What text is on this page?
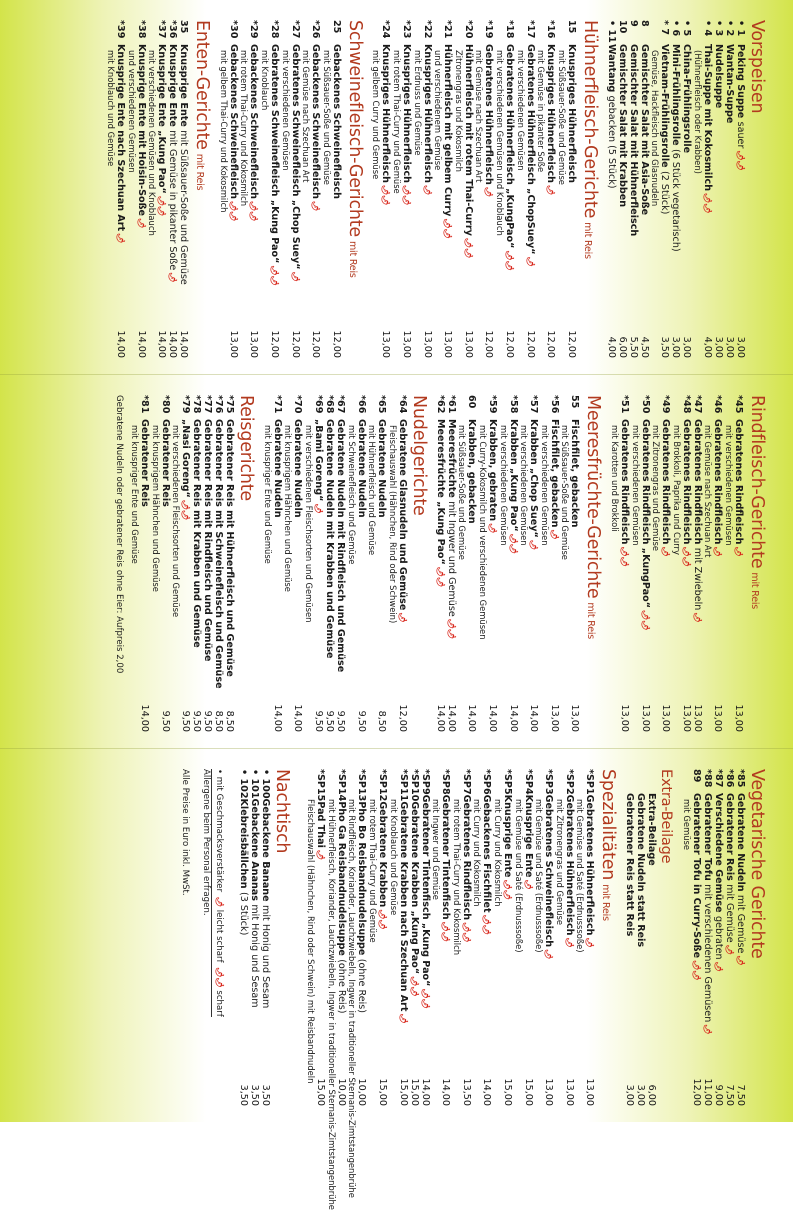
Vorspeisen
• 1Peking Suppe sauer🌶🌶
3,00
• 2Wantan-Suppe
3,00
• 3Nudelsuppe
3,00
• 4Thai-Suppe mit Kokosmilch🌶🌶
4,00
(Hühnerfleisch oder Krabben)
• 5China-Frühlingsrolle
3,00
• 6Mini-Frühlingsrolle (6 Stück vegetarisch)
3,00
* 7Vietnam-Frühlingsrolle (2 Stück)
3,50
Gemüse, Hackfleisch und Glasnudeln
8Gemischter Salat mit Asia-Soße
4,50
9Gemischter Salat mit Hühnerfleisch
5,50
10Gemischter Salat mit Krabben
6,00
• 11Wantang gebacken (5 Stück)
4,00
Hühnerfleisch-Gerichtemit Reis
15Knuspriges Hühnerfleisch
12,00
mit Süßsauer-Soße und Gemüse
*16Knuspriges Hühnerfleisch🌶
12,00
mit Gemüse in pikanter Soße
*17Gebratenes Hühnerfleisch „ChopSuey“🌶
12,00
mit verschiedenen Gemüsen
*18Gebratenes Hühnerfleisch „KungPao“🌶🌶
12,00
mit verschiedenen Gemüsen und Knoblauch
*19Gebratenes Hühnerfleisch🌶
12,00
mit Gemüse nach Szechuan Art
*20Hühnerfleisch mit rotem Thai-Curry🌶🌶
13,00
Zitronengras und Kokosmilch
*21Hühnerfleisch mit gelbem Curry🌶🌶
13,00
und verschiedenem Gemüse
*22Knuspriges Hühnerfleisch🌶
13,00
mit Erdnuss und Gemüse
*23Knuspriges Hühnerfleisch🌶🌶
13,00
mit rotem Thai-Curry und Gemüse
*24Knuspriges Hühnerfleisch🌶🌶
13,00
mit gelbem Curry und Gemüse
Schweinefleisch-Gerichtemit Reis
25Gebackenes Schweinefleisch
12,00
mit Süßsauer-Soße und Gemüse
*26Gebackenes Schweinefleisch🌶
12,00
mit Gemüse nach Szechuan Art
*27Gebratenes Schweinefleisch „Chop Suey“🌶
12,00
mit verschiedenen Gemüsen
*28Gebratenes Schweinefleisch „Kung Pao“🌶🌶
12,00
mit Knoblauch
*29Gebackenes Schweinefleisch🌶🌶
13,00
mit rotem Thai-Curry und Kokosmilch
*30Gebackenes Schweinefleisch🌶🌶
13,00
mit gelbem Thai-Curry und Kokosmilch
Enten-Gerichtemit Reis
35Knusprige Ente mit Süßsauer-Soße und Gemüse
14,00
*36Knusprige Ente mit Gemüse in pikanter Soße🌶
14,00
*37Knusprige Ente „Kung Pao“🌶🌶
14,00
mit verschiedenen Gemüsen und Knoblauch
*38Knusprige Ente mit Hoisin-Soße🌶
14,00
und verschiedenen Gemüsen
*39Knusprige Ente nach Szechuan Art🌶
14,00
mit Knoblauch und Gemüse
Rindfleisch-Gerichtemit Reis
*45Gebratenes Rindfleisch🌶
13,00
mit verschiedenen Gemüsen
*46Gebratenes Rindfleisch🌶
13,00
mit Gemüse nach Szechuan Art
*47Gebratenes Rindfleisch mit Zwiebeln🌶
13,00
*48Gebratenes Rindfleisch🌶🌶
13,00
mit Brokkoli, Paprika und Curry
*49Gebratenes Rindfleisch🌶
13,00
mit Zitronengras und Gemüse
*50Gebratenes Rindfleisch „KungPao“🌶🌶
13,00
mit verschiedenen Gemüsen
*51Gebratenes Rindfleisch🌶🌶
13,00
mit Karotten und Brokkoli
Meeresfrüchte-Gerichtemit Reis
55Fischfilet, gebacken
13,00
mit Süßsauer-Soße und Gemüse
*56Fischfilet, gebacken🌶
13,00
mit verschiedenen Gemüsen
*57Krabben „Chop Suey“🌶
14,00
mit verschiedenen Gemüsen
*58Krabben „Kung Pao“🌶🌶
14,00
mit verschiedenen Gemüsen
*59Krabben, gebraten🌶
14,00
mit Curry-Kokosmilch und verschiedenen Gemüsen
60Krabben, gebacken
14,00
mit Süßsauer-Soße und Gemüse
*61Meeresfrüchte mit Ingwer und Gemüse🌶🌶
14,00
*62Meeresfrüchte „Kung Pao“🌶🌶
14,00
Nudelgerichte
*64Gebratene Glasnudeln und Gemüse🌶
12,00
Fleischauswahl (Hähnchen, Rind oder Schwein)
*65Gebratene Nudeln
8,50
mit Hühnerfleisch und Gemüse
*66Gebratene Nudeln
9,50
mit Schweinefleisch und Gemüse
*67Gebratene Nudeln mit Rindfleisch und Gemüse
9,50
*68Gebratene Nudeln mit Krabben und Gemüse
9,50
*69„Bami Goreng“🌶
9,50
mit verschiedenen Fleischsorten und Gemüsen
*70Gebratene Nudeln
14,00
mit knusprigem Hähnchen und Gemüse
*71Gebratene Nudeln
14,00
mit knuspriger Ente und Gemüse
Reisgerichte
*75Gebratener Reis mit Hühnerfleisch und Gemüse
8,50
*76Gebratener Reis mit Schweinefleisch und Gemüse
8,50
*77Gebratener Reis mit Rindfleisch und Gemüse
9,50
*78Gebratener Reis mit Krabben und Gemüse
9,50
*79„Nasi Goreng“🌶🌶
9,50
mit verschiedenen Fleischsorten und Gemüse
*80Gebratener Reis
9,50
mit knusprigem Hähnchen und Gemüse
*81Gebratener Reis
14,00
mit knuspriger Ente und Gemüse
Gebratene Nudeln oder gebratener Reis ohne Eier: Aufpreis 2,00
Vegetarische Gerichte
*85Gebratene Nudeln mit Gemüse🌶
7,50
*86Gebratener Reis mit Gemüse🌶
7,50
*87Verschiedene Gemüse gebraten🌶
9,00
*88Gebratener Tofu mit verschiedenen Gemüsen🌶
11,00
89Gebratener Tofu in Curry-Soße🌶🌶
12,00
mit Gemüse
Extra-Beilage
Extra-Beilage
6,00
Gebratene Nudeln statt Reis
3,00
Gebratener Reis statt Reis
3,00
Spezialitätenmit Reis
*SP1Gebratenes Hühnerfleisch🌶
13,00
mit Gemüse und Saté (Erdnusssoße)
*SP2Gebratenes Hühnerfleisch🌶
13,00
mit Zitronengras und Gemüse
*SP3Gebratenes Schweinefleisch🌶
13,00
mit Gemüse und Saté (Erdnusssoße)
*SP4Knusprige Ente🌶
15,00
mit Gemüse und Saté (Erdnusssoße)
*SP5Knusprige Ente🌶🌶
15,00
mit Curry und Kokosmilch
*SP6Gebackenes Fischfilet🌶🌶
14,00
mit Curry und Kokosmilch
*SP7Gebratenes Rindfleisch🌶🌶
13,50
mit rotem Thai-Curry und Kokosmilch
*SP8Gebratener Tintenfisch🌶🌶
14,00
mit Ingwer und Gemüse
*SP9Gebratener Tintenfisch „Kung Pao“🌶🌶
14,00
*SP10Gebratene Krabben „Kung Pao“🌶🌶
15,00
*SP11Gebratene Krabben nach Szechuan Art🌶
15,00
mit Knoblauch und Gemüse
*SP12Gebratene Krabben🌶🌶
15,00
mit rotem Thai-Curry und Gemüse
*SP13Pho Bo Reisbandnudelsuppe (ohne Reis)
10,00
mit Rindfleisch, Koriander, Lauchzwiebeln, Ingwer in traditioneller Sternanis-Zimtstangenbrühe
*SP14Pho Ga Reisbandnudelsuppe (ohne Reis)
10,00
mit Hühnerfleisch, Koriander, Lauchzwiebeln, Ingwer in traditioneller Sternanis-Zimtstangenbrühe
*SP15Pad Thai🌶
15,00
Fleischauswahl (Hähnchen, Rind oder Schwein) mit Reisbandnudeln
Nachtisch
• 100Gebackene Banane mit Honig und Sesam
3,50
• 101Gebackene Ananas mit Honig und Sesam
3,50
• 102Klebreisbällchen (3 Stück)
3,50
• mit Geschmacksverstärker 🌶 leicht scharf 🌶🌶 scharf
Allergene beim Personal erfragen.
Alle Preise in Euro inkl. MwSt.
